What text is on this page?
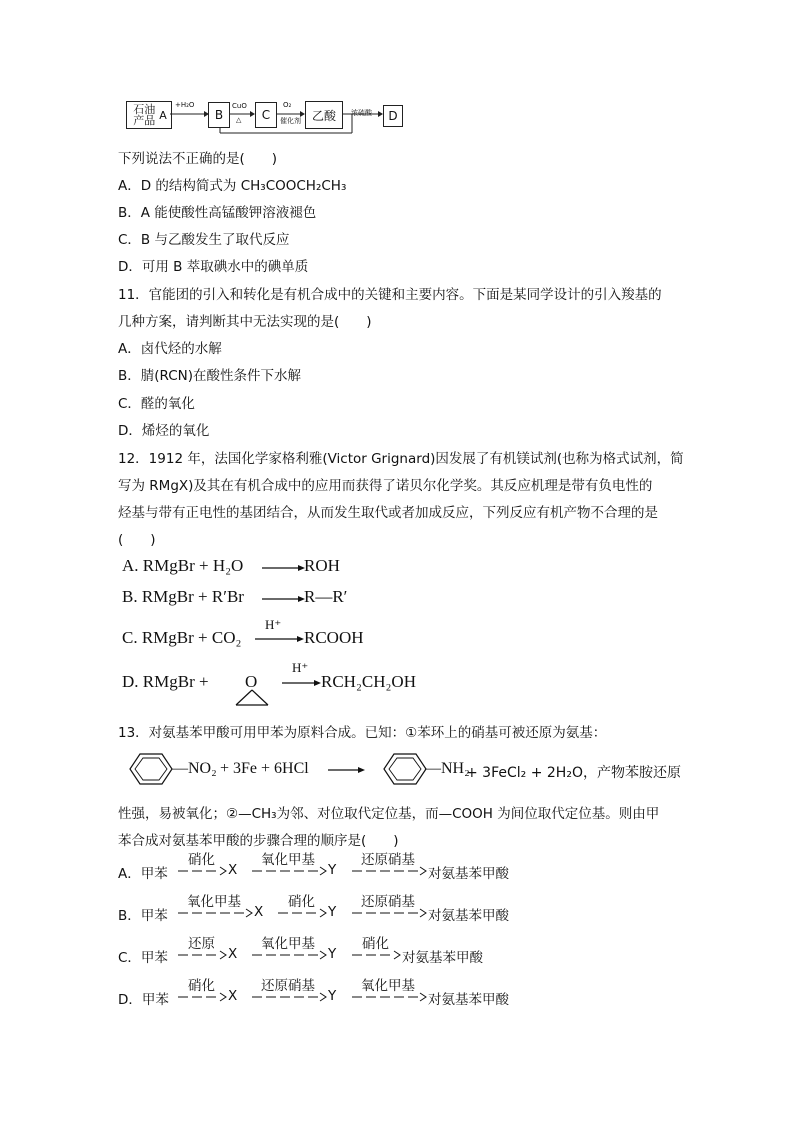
石油产品 A	B	C	乙酸	D
+H₂O	CuO
△
O₂
催化剂
浓硫酸
下列说法不正确的是(　　)
A．D 的结构简式为 CH₃COOCH₂CH₃
B．A 能使酸性高锰酸钾溶液褪色
C．B 与乙酸发生了取代反应
D．可用 B 萃取碘水中的碘单质
11．官能团的引入和转化是有机合成中的关键和主要内容。下面是某同学设计的引入羧基的
几种方案，请判断其中无法实现的是(　　)
A．卤代烃的水解
B．腈(RCN)在酸性条件下水解
C．醛的氧化
D．烯烃的氧化
12．1912 年，法国化学家格利雅(Victor Grignard)因发展了有机镁试剂(也称为格式试剂，简
写为 RMgX)及其在有机合成中的应用而获得了诺贝尔化学奖。其反应机理是带有负电性的
烃基与带有正电性的基团结合，从而发生取代或者加成反应，下列反应有机产物不合理的是
(　　)
A. RMgBr + H₂O →
ROH
B. RMgBr + R′Br →
R—R′
C. RMgBr + CO₂
H⁺
→ RCOOH
D. RMgBr + O
H⁺
→ RCH₂CH₂OH
13．对氨基苯甲酸可用甲苯为原料合成。已知：①苯环上的硝基可被还原为氨基：
—NO₂ + 3Fe + 6HCl →	—NH₂
+ 3FeCl₂ + 2H₂O，产物苯胺还原
性强，易被氧化；②—CH₃为邻、对位取代定位基，而—COOH 为间位取代定位基。则由甲
苯合成对氨基苯甲酸的步骤合理的顺序是(　　)
A．甲苯
硝化
X
氧化甲基
Y
还原硝基
对氨基苯甲酸
B．甲苯
氧化甲基
X
硝化
Y
还原硝基
对氨基苯甲酸
C．甲苯
还原
X
氧化甲基
Y
硝化
对氨基苯甲酸
D．甲苯
硝化
X
还原硝基
Y
氧化甲基
对氨基苯甲酸
